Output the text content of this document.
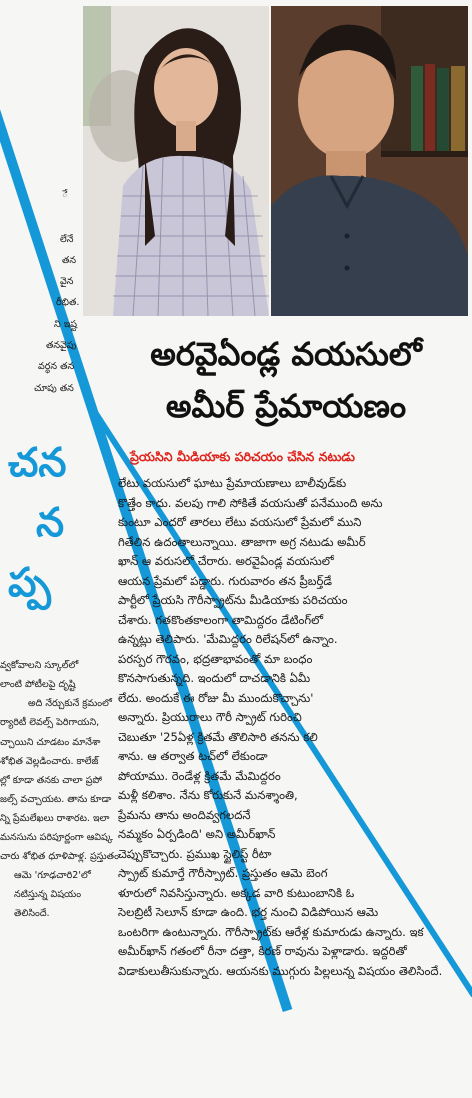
ే
లేనే
తన
వైన
రీభిత.
ని ఇష్ట
తనవైపు
వర్ధన తన
చూపు తన
చన
న
ప్ప
వ్వకోవాలని స్కూల్‌లో
లాంటి పోటీలపై దృష్టి
అది నేర్చుకునే క్రమంలో
ర్యారిటీ లెవల్స్ పెరిగాయని,
చ్చాయిని చూడటం మానేశా
శోభిత వెల్లడించారు. కాలేజ్
ల్లో కూడా తనకు చాలా ప్రపో
జల్స్ వచ్చాయట. తాను కూడా
న్ని ప్రేమలేఖలు రాశారట. ఇలా
మనసును పరిపూర్ణంగా ఆవిష్క
చారు శోభిత ధూళిపాళ్ల. ప్రస్తుతం
ఆమె 'గూఢచారి2'లో
నటిస్తున్న విషయం
తెలిసిందే.
అరవైఏండ్ల వయసులో
అమీర్ ప్రేమాయణం
ప్రేయసిని మీడియాకు పరిచయం చేసిన నటుడు
లేటు వయసులో ఘాటు ప్రేమాయణాలు బాలీవుడ్‌కు
కొత్తేం కాదు. వలపు గాలి సోకితే వయసుతో పనేముంది అను
కుంటూ ఎందరో తారలు లేటు వయసులో ప్రేమలో ముని
గితేలిన ఉదంతాలున్నాయి. తాజాగా అగ్ర నటుడు అమీర్
ఖాన్ ఆ వరుసలో చేరారు. అరవైఏండ్ల వయసులో
ఆయన ప్రేమలో పడ్డారు. గురువారం తన ప్రీబర్త్‌డే
పార్టీలో ప్రేయసి గౌరీస్ప్రాట్‌ను మీడియాకు పరిచయం
చేశారు. గతకొంతకాలంగా తామిద్దరం డేటింగ్‌లో
ఉన్నట్లు తెలిపారు. 'మేమిద్దరం రిలేషన్‌లో ఉన్నాం.
పరస్పర గౌరవం, భద్రతాభావంతో మా బంధం
కొనసాగుతున్నది. ఇందులో దాచడానికి ఏమీ
లేదు. అందుకే ఈ రోజు మీ ముందుకొచ్చాను'
అన్నారు. ప్రియురాలు గౌరీ స్ప్రాట్ గురించి
చెబుతూ '25ఏళ్ల క్రితమే తొలిసారి తనను కలి
శాను. ఆ తర్వాత టచ్‌లో లేకుండా
పోయాము. రెండేళ్ల క్రితమే మేమిద్దరం
మళ్లీ కలిశాం. నేను కోరుకునే మనశ్శాంతి,
ప్రేమను తాను అందివ్వగలదనే
నమ్మకం ఏర్పడింది' అని అమీర్‌ఖాన్
చెప్పుకొచ్చారు. ప్రముఖ స్టైలిస్ట్ రీటా
స్ప్రాట్ కుమార్తే గౌరీస్ప్రాట్. ప్రస్తుతం ఆమె బెంగ
ళూరులో నివసిస్తున్నారు. అక్కడ వారి కుటుంబానికి ఓ
సెలబ్రిటీ సెలూన్ కూడా ఉంది. భర్త నుంచి విడిపోయిన ఆమె
ఒంటరిగా ఉంటున్నారు. గౌరీస్ప్రాట్‌కు ఆరేళ్ల కుమారుడు ఉన్నారు. ఇక
అమీర్‌ఖాన్ గతంలో రీనా దత్తా, కిరణ్ రావును పెళ్లాడారు. ఇద్దరితో
విడాకులుతీసుకున్నారు. ఆయనకు ముగ్గురు పిల్లలున్న విషయం తెలిసిందే.
